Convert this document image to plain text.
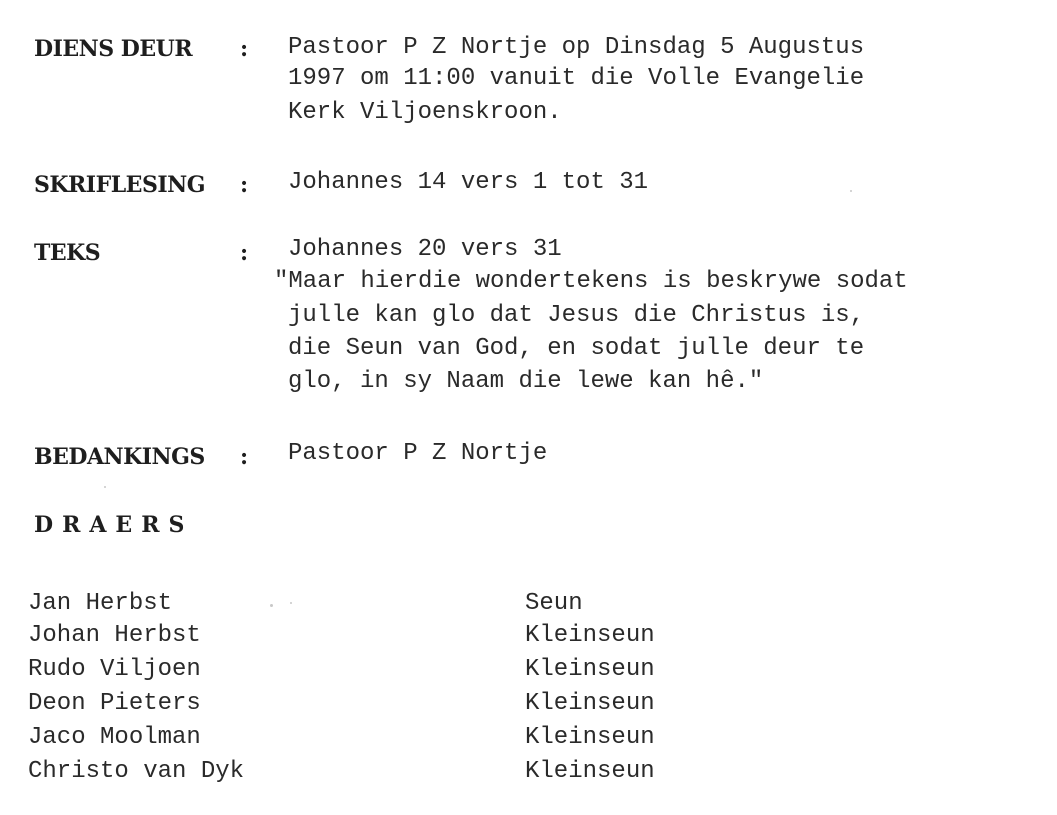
DIENS DEUR : Pastoor P Z Nortje op Dinsdag 5 Augustus
1997 om 11:00 vanuit die Volle Evangelie
Kerk Viljoenskroon.
SKRIFLESING : Johannes 14 vers 1 tot 31
TEKS	: Johannes 20 vers 31
"Maar hierdie wondertekens is beskrywe sodat
julle kan glo dat Jesus die Christus is,
die Seun van God, en sodat julle deur te
glo, in sy Naam die lewe kan hê."
BEDANKINGS : Pastoor P Z Nortje
DRAERS
Jan Herbst	Seun
Johan Herbst	Kleinseun
Rudo Viljoen	Kleinseun
Deon Pieters	Kleinseun
Jaco Moolman	Kleinseun
Christo van Dyk	Kleinseun
